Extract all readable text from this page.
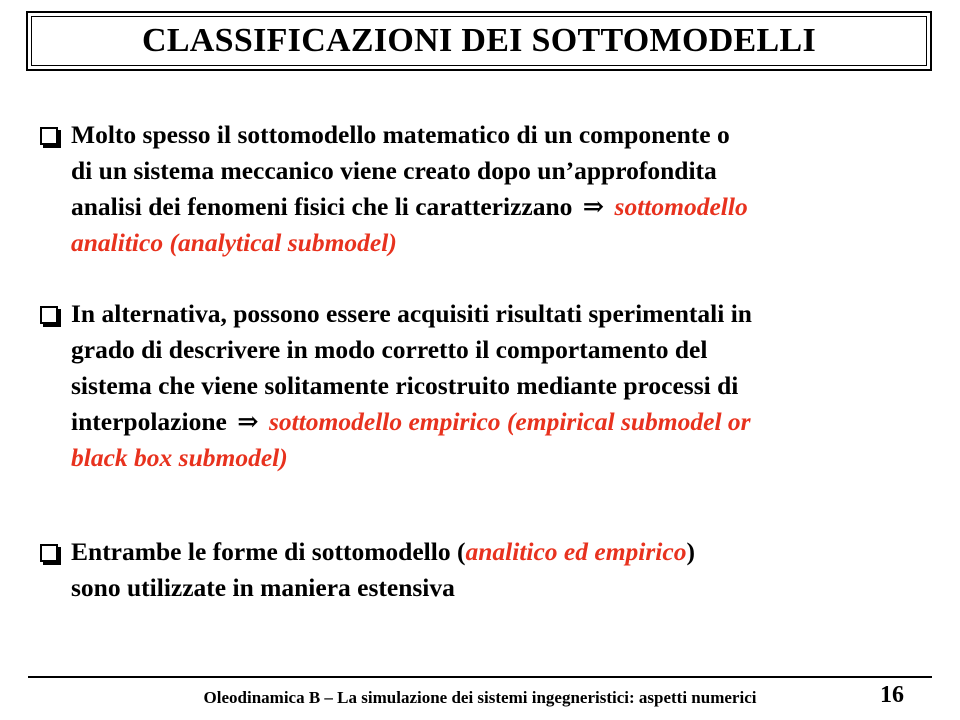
CLASSIFICAZIONI DEI SOTTOMODELLI
Molto spesso il sottomodello matematico di un componente o
di un sistema meccanico viene creato dopo un’approfondita
analisi dei fenomeni fisici che li caratterizzano ⇒ sottomodello
analitico (analytical submodel)
In alternativa, possono essere acquisiti risultati sperimentali in
grado di descrivere in modo corretto il comportamento del
sistema che viene solitamente ricostruito mediante processi di
interpolazione ⇒ sottomodello empirico (empirical submodel or
black box submodel)
Entrambe le forme di sottomodello (analitico ed empirico)
sono utilizzate in maniera estensiva
Oleodinamica B – La simulazione dei sistemi ingegneristici: aspetti numerici	16
